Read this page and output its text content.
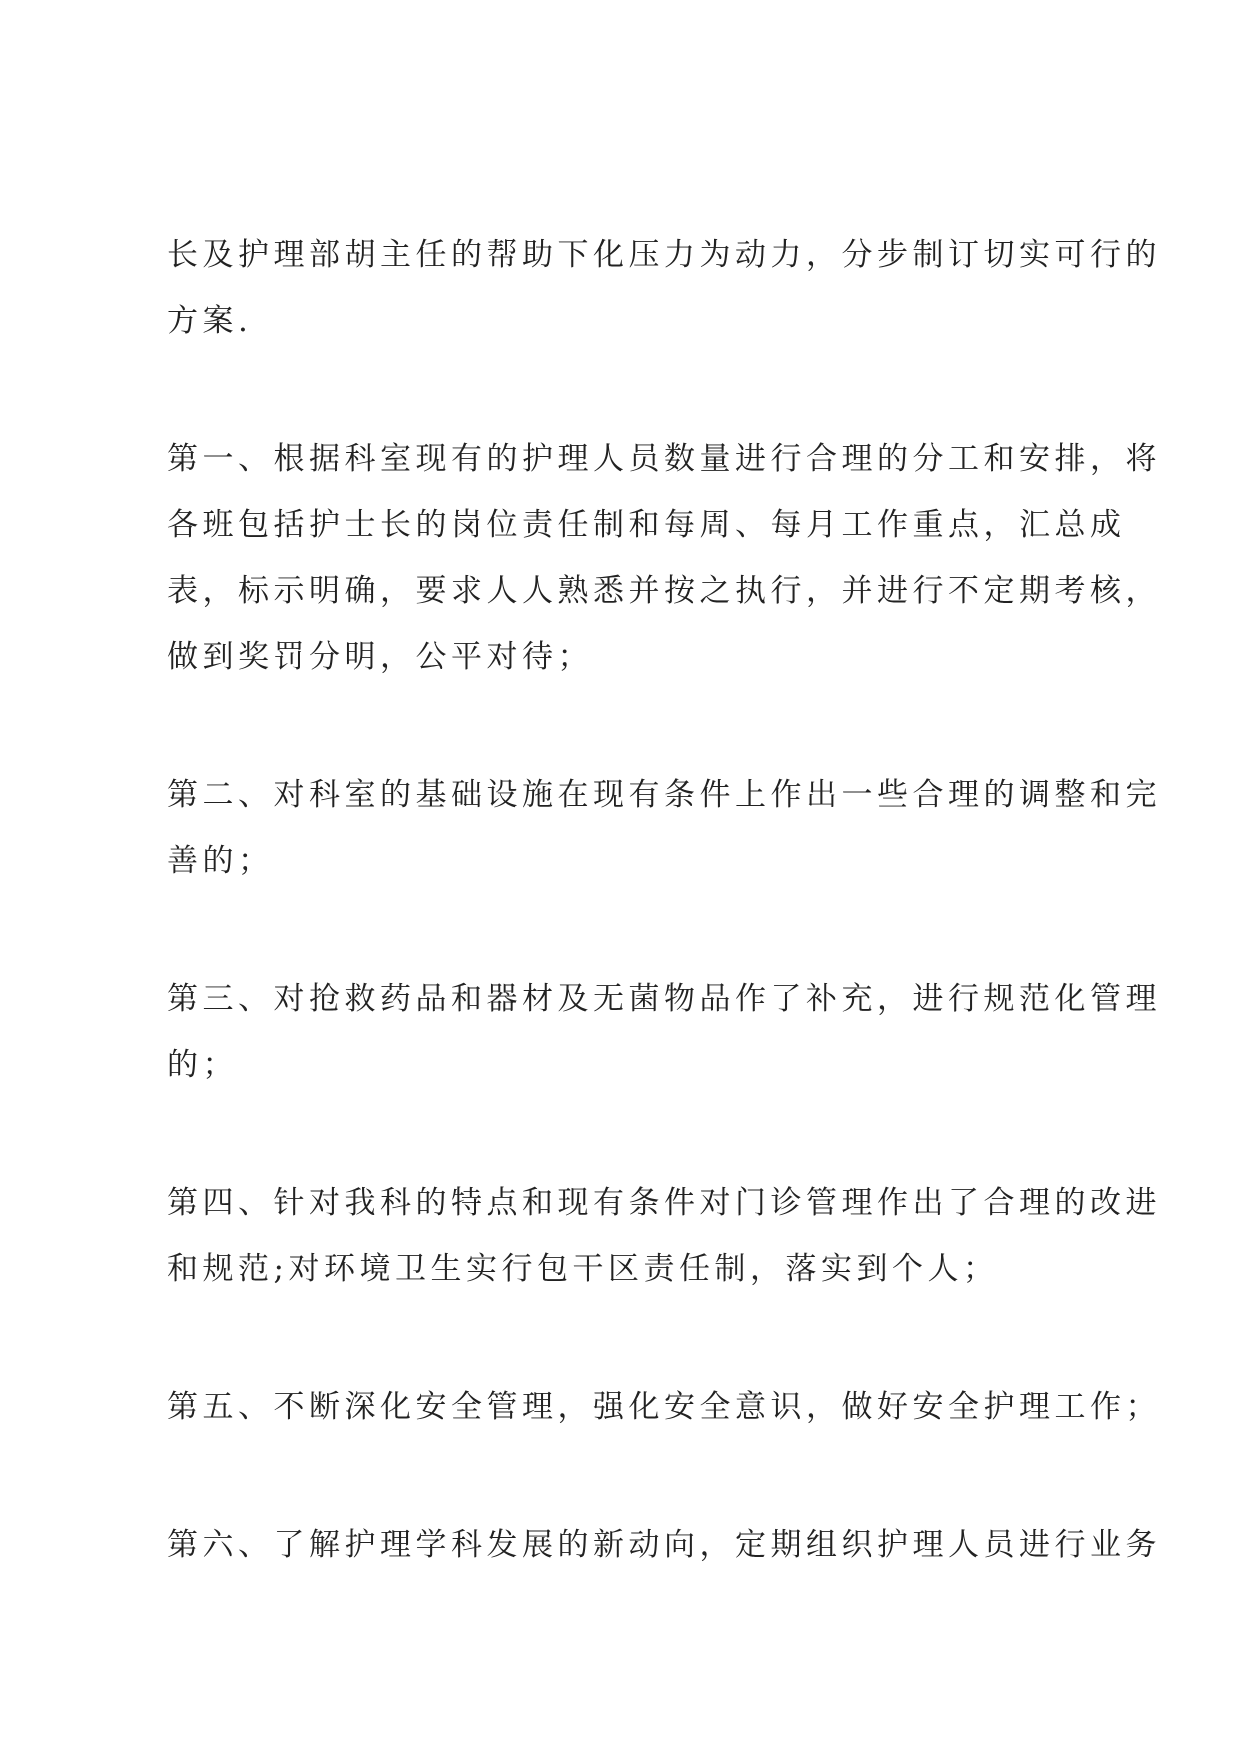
长及护理部胡主任的帮助下化压力为动力，分步制订切实可行的
方案.

第一、根据科室现有的护理人员数量进行合理的分工和安排，将
各班包括护士长的岗位责任制和每周、每月工作重点，汇总成
表，标示明确，要求人人熟悉并按之执行，并进行不定期考核，
做到奖罚分明，公平对待；

第二、对科室的基础设施在现有条件上作出一些合理的调整和完
善的；

第三、对抢救药品和器材及无菌物品作了补充，进行规范化管理
的；

第四、针对我科的特点和现有条件对门诊管理作出了合理的改进
和规范;对环境卫生实行包干区责任制，落实到个人；

第五、不断深化安全管理，强化安全意识，做好安全护理工作；

第六、了解护理学科发展的新动向，定期组织护理人员进行业务
